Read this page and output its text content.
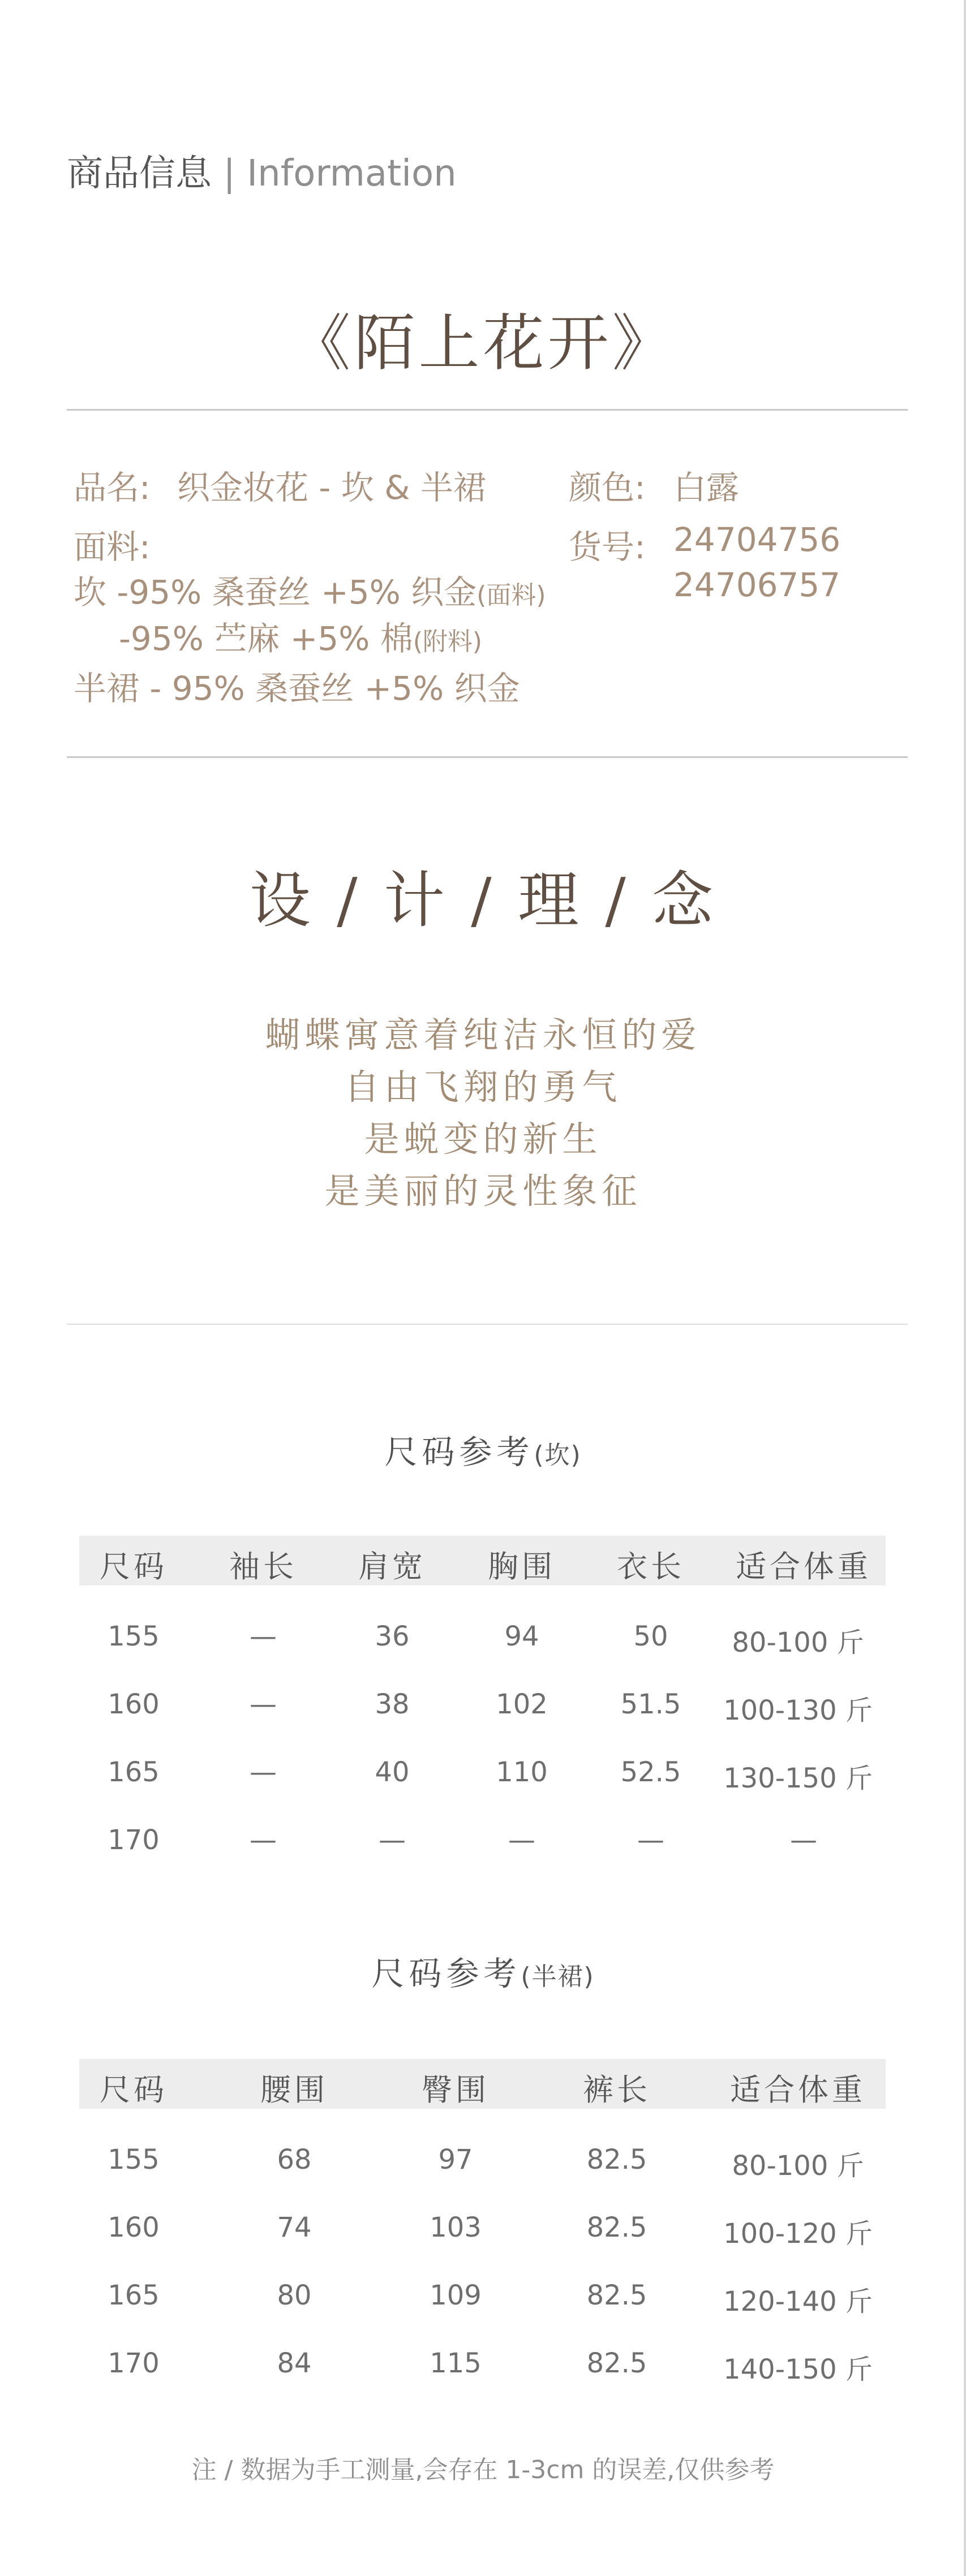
商品信息 | Information
《陌上花开》
品名: 织金妆花 - 坎 & 半裙	颜色: 白露
面料:	货号: 24704756
24706757
坎 -95% 桑蚕丝 +5% 织金(面料)
-95% 苎麻 +5% 棉(附料)
半裙 - 95% 桑蚕丝 +5% 织金
设 / 计 / 理 / 念
蝴蝶寓意着纯洁永恒的爱
自由飞翔的勇气
是蜕变的新生
是美丽的灵性象征
尺码参考(坎)
尺码 袖长 肩宽 胸围 衣长 适合体重
155	—	36	94	50 80-100 斤
160	—	38	102	51.5 100-130 斤
165	—	40	110	52.5 130-150 斤
170	—	—	—	—	—
尺码参考(半裙)
尺码	腰围	臀围	裤长	适合体重
155	68	97	82.5	80-100 斤
160	74	103	82.5	100-120 斤
165	80	109	82.5	120-140 斤
170	84	115	82.5	140-150 斤
注 / 数据为手工测量,会存在 1-3cm 的误差,仅供参考
